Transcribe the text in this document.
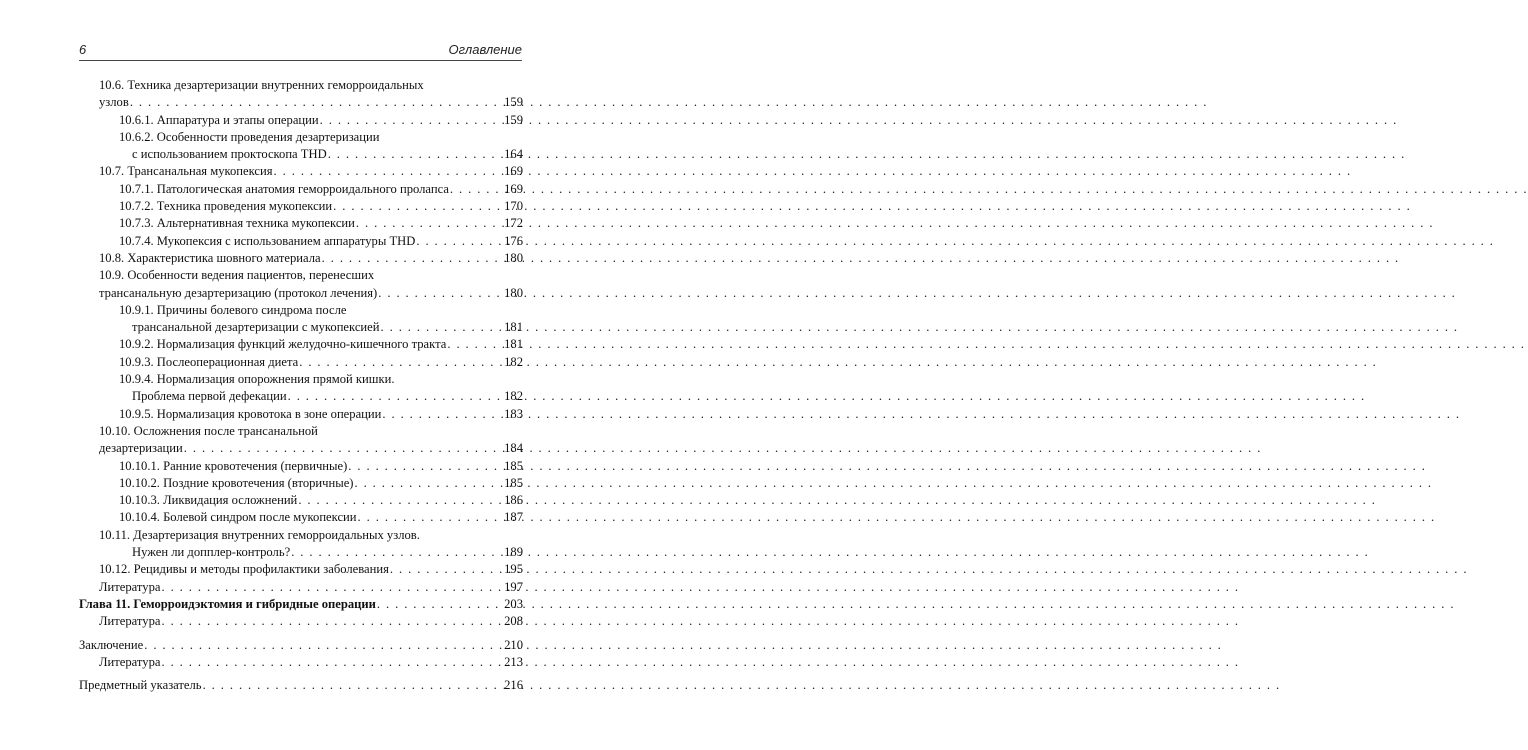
6	Оглавление
10.6. Техника дезартеризации внутренних геморроидальных
узлов . . .	159
10.6.1. Аппаратура и этапы операции . . .	159
10.6.2. Особенности проведения дезартеризации
с использованием проктоскопа THD . . .	164
10.7. Трансанальная мукопексия . . .	169
10.7.1. Патологическая анатомия геморроидального пролапса . . .	169
10.7.2. Техника проведения мукопексии . . .	170
10.7.3. Альтернативная техника мукопексии . . .	172
10.7.4. Мукопексия с использованием аппаратуры THD . . .	176
10.8. Характеристика шовного материала . . .	180
10.9. Особенности ведения пациентов, перенесших
трансанальную дезартеризацию (протокол лечения) . . .	180
10.9.1. Причины болевого синдрома после
трансанальной дезартеризации с мукопексией . . .	181
10.9.2. Нормализация функций желудочно-кишечного тракта . . .	181
10.9.3. Послеоперационная диета . . .	182
10.9.4. Нормализация опорожнения прямой кишки.
Проблема первой дефекации . . .	182
10.9.5. Нормализация кровотока в зоне операции . . .	183
10.10. Осложнения после трансанальной
дезартеризации . . .	184
10.10.1. Ранние кровотечения (первичные) . . .	185
10.10.2. Поздние кровотечения (вторичные) . . .	185
10.10.3. Ликвидация осложнений . . .	186
10.10.4. Болевой синдром после мукопексии . . .	187
10.11. Дезартеризация внутренних геморроидальных узлов.
Нужен ли допплер-контроль? . . .	189
10.12. Рецидивы и методы профилактики заболевания . . .	195
Литература . . .	197
Глава 11. Геморроидэктомия и гибридные операции . . .	203
Литература . . .	208
Заключение . . .	210
Литература . . .	213
Предметный указатель . . .	216
